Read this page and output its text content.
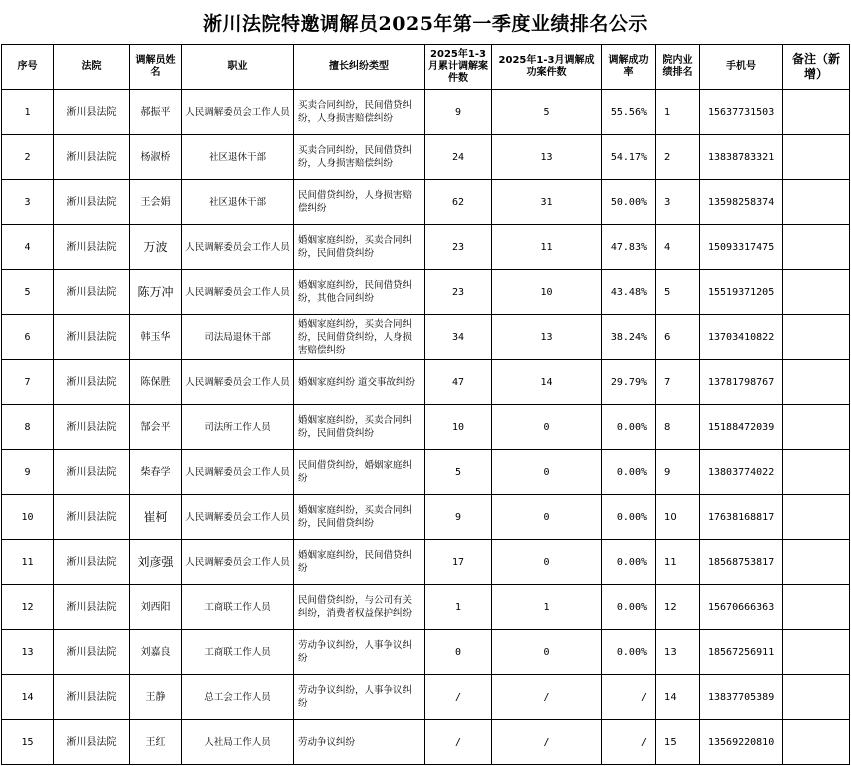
淅川法院特邀调解员2025年第一季度业绩排名公示
序号	法院	调解员姓名	职业	擅长纠纷类型	2025年1-3月累计调解案件数	2025年1-3月调解成功案件数	调解成功率	院内业绩排名	手机号	备注（新增）
1	淅川县法院	郝振平	人民调解委员会工作人员	买卖合同纠纷，民间借贷纠纷，人身损害赔偿纠纷	9	5	55.56%	1	15637731503	
2	淅川县法院	杨淑桥	社区退休干部	买卖合同纠纷，民间借贷纠纷，人身损害赔偿纠纷	24	13	54.17%	2	13838783321	
3	淅川县法院	王会娟	社区退休干部	民间借贷纠纷，人身损害赔偿纠纷	62	31	50.00%	3	13598258374	
4	淅川县法院	万波	人民调解委员会工作人员	婚姻家庭纠纷，买卖合同纠纷，民间借贷纠纷	23	11	47.83%	4	15093317475	
5	淅川县法院	陈万冲	人民调解委员会工作人员	婚姻家庭纠纷，民间借贷纠纷，其他合同纠纷	23	10	43.48%	5	15519371205	
6	淅川县法院	韩玉华	司法局退休干部	婚姻家庭纠纷，买卖合同纠纷，民间借贷纠纷，人身损害赔偿纠纷	34	13	38.24%	6	13703410822	
7	淅川县法院	陈保胜	人民调解委员会工作人员	婚姻家庭纠纷 道交事故纠纷	47	14	29.79%	7	13781798767	
8	淅川县法院	郜会平	司法所工作人员	婚姻家庭纠纷，买卖合同纠纷，民间借贷纠纷	10	0	0.00%	8	15188472039	
9	淅川县法院	柴春学	人民调解委员会工作人员	民间借贷纠纷，婚姻家庭纠纷	5	0	0.00%	9	13803774022	
10	淅川县法院	崔柯	人民调解委员会工作人员	婚姻家庭纠纷，买卖合同纠纷，民间借贷纠纷	9	0	0.00%	10	17638168817	
11	淅川县法院	刘彦强	人民调解委员会工作人员	婚姻家庭纠纷，民间借贷纠纷	17	0	0.00%	11	18568753817	
12	淅川县法院	刘西阳	工商联工作人员	民间借贷纠纷，与公司有关纠纷，消费者权益保护纠纷	1	1	0.00%	12	15670666363	
13	淅川县法院	刘嘉良	工商联工作人员	劳动争议纠纷，人事争议纠纷	0	0	0.00%	13	18567256911	
14	淅川县法院	王静	总工会工作人员	劳动争议纠纷，人事争议纠纷	/	/	/	14	13837705389	
15	淅川县法院	王红	人社局工作人员	劳动争议纠纷	/	/	/	15	13569220810	
